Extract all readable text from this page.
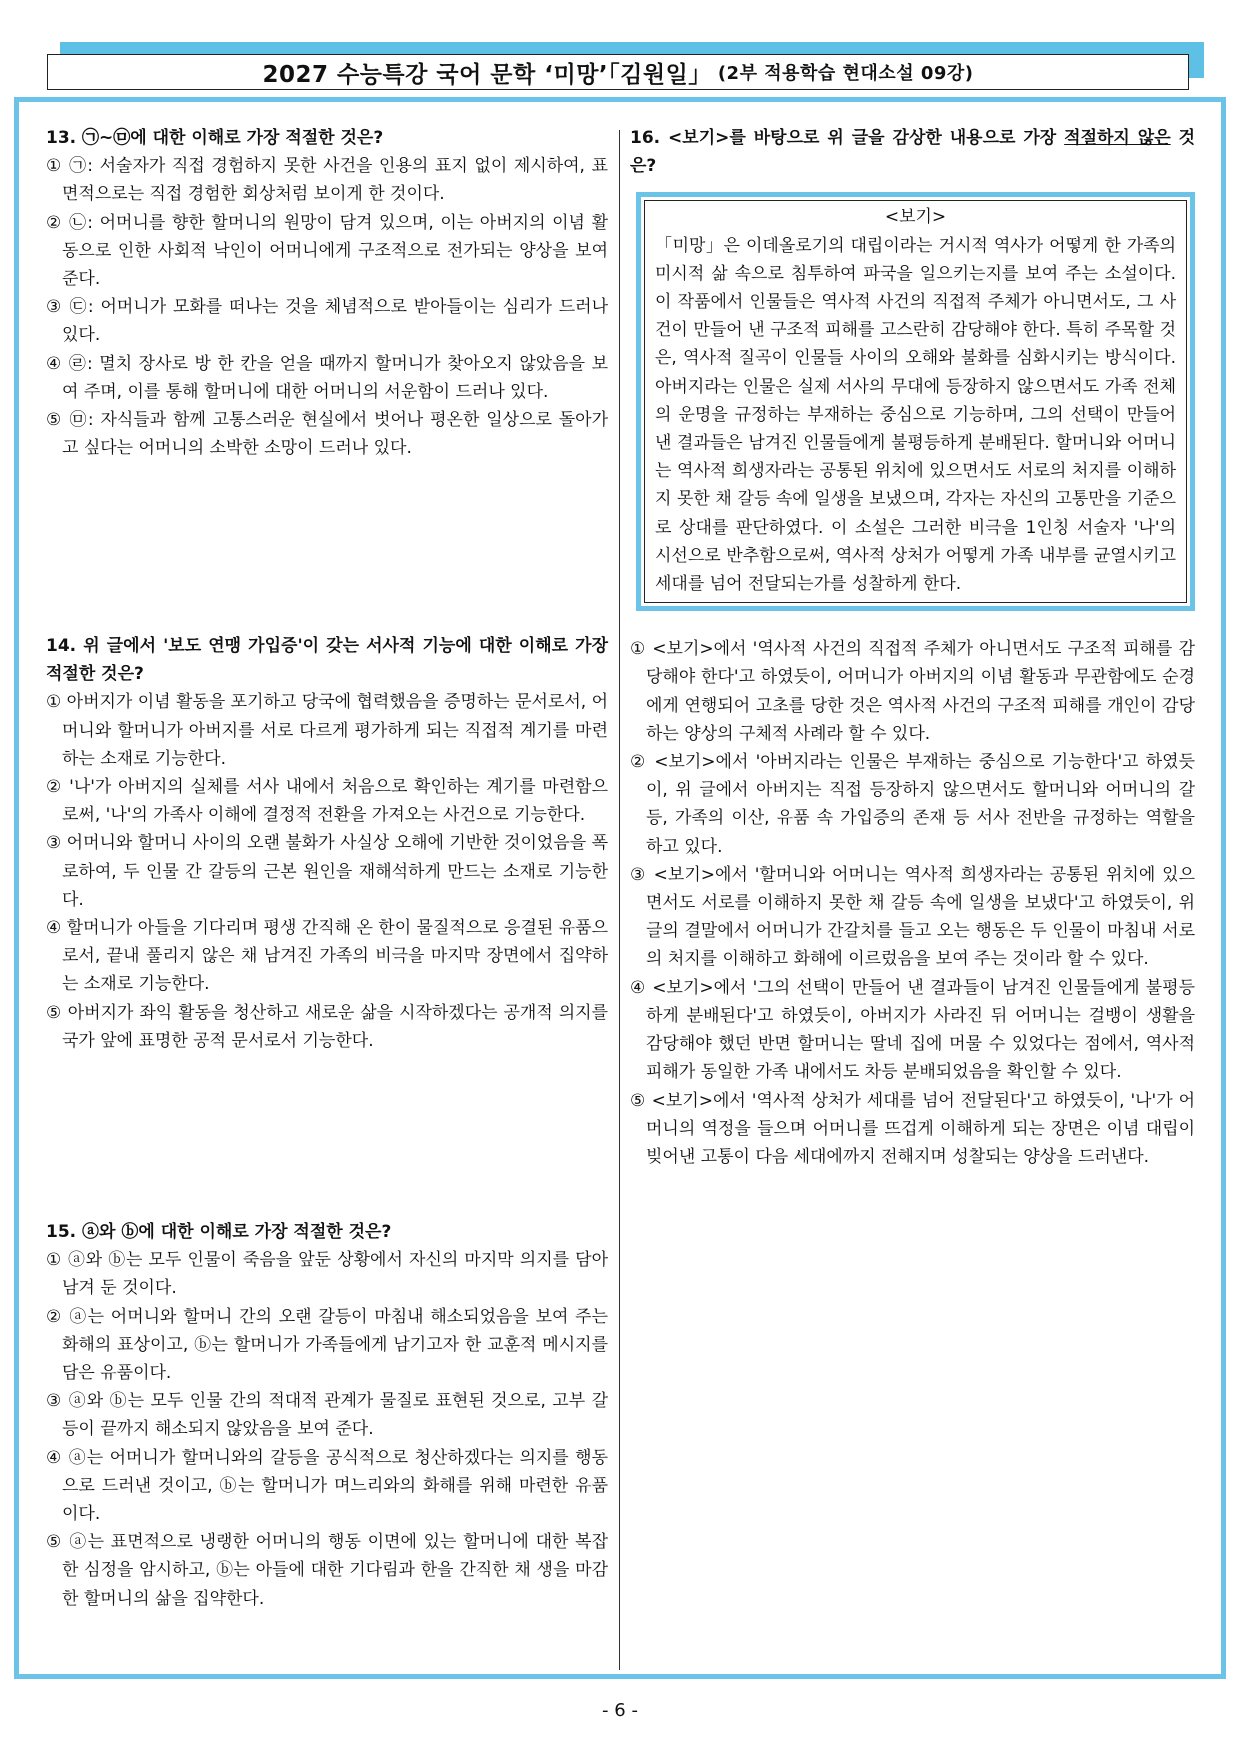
2027 수능특강 국어 문학 ‘미망’「김원일」 (2부 적용학습 현대소설 09강)
13. ㉠~㉤에 대한 이해로 가장 적절한 것은?
① ㉠: 서술자가 직접 경험하지 못한 사건을 인용의 표지 없이 제시하여, 표면적으로는 직접 경험한 회상처럼 보이게 한 것이다.
② ㉡: 어머니를 향한 할머니의 원망이 담겨 있으며, 이는 아버지의 이념 활동으로 인한 사회적 낙인이 어머니에게 구조적으로 전가되는 양상을 보여 준다.
③ ㉢: 어머니가 모화를 떠나는 것을 체념적으로 받아들이는 심리가 드러나 있다.
④ ㉣: 멸치 장사로 방 한 칸을 얻을 때까지 할머니가 찾아오지 않았음을 보여 주며, 이를 통해 할머니에 대한 어머니의 서운함이 드러나 있다.
⑤ ㉤: 자식들과 함께 고통스러운 현실에서 벗어나 평온한 일상으로 돌아가고 싶다는 어머니의 소박한 소망이 드러나 있다.
14. 위 글에서 '보도 연맹 가입증'이 갖는 서사적 기능에 대한 이해로 가장 적절한 것은?
① 아버지가 이념 활동을 포기하고 당국에 협력했음을 증명하는 문서로서, 어머니와 할머니가 아버지를 서로 다르게 평가하게 되는 직접적 계기를 마련하는 소재로 기능한다.
② '나'가 아버지의 실체를 서사 내에서 처음으로 확인하는 계기를 마련함으로써, '나'의 가족사 이해에 결정적 전환을 가져오는 사건으로 기능한다.
③ 어머니와 할머니 사이의 오랜 불화가 사실상 오해에 기반한 것이었음을 폭로하여, 두 인물 간 갈등의 근본 원인을 재해석하게 만드는 소재로 기능한다.
④ 할머니가 아들을 기다리며 평생 간직해 온 한이 물질적으로 응결된 유품으로서, 끝내 풀리지 않은 채 남겨진 가족의 비극을 마지막 장면에서 집약하는 소재로 기능한다.
⑤ 아버지가 좌익 활동을 청산하고 새로운 삶을 시작하겠다는 공개적 의지를 국가 앞에 표명한 공적 문서로서 기능한다.
15. ⓐ와 ⓑ에 대한 이해로 가장 적절한 것은?
① ⓐ와 ⓑ는 모두 인물이 죽음을 앞둔 상황에서 자신의 마지막 의지를 담아 남겨 둔 것이다.
② ⓐ는 어머니와 할머니 간의 오랜 갈등이 마침내 해소되었음을 보여 주는 화해의 표상이고, ⓑ는 할머니가 가족들에게 남기고자 한 교훈적 메시지를 담은 유품이다.
③ ⓐ와 ⓑ는 모두 인물 간의 적대적 관계가 물질로 표현된 것으로, 고부 갈등이 끝까지 해소되지 않았음을 보여 준다.
④ ⓐ는 어머니가 할머니와의 갈등을 공식적으로 청산하겠다는 의지를 행동으로 드러낸 것이고, ⓑ는 할머니가 며느리와의 화해를 위해 마련한 유품이다.
⑤ ⓐ는 표면적으로 냉랭한 어머니의 행동 이면에 있는 할머니에 대한 복잡한 심정을 암시하고, ⓑ는 아들에 대한 기다림과 한을 간직한 채 생을 마감한 할머니의 삶을 집약한다.
16. <보기>를 바탕으로 위 글을 감상한 내용으로 가장 적절하지 않은 것은?
<보기>
「미망」은 이데올로기의 대립이라는 거시적 역사가 어떻게 한 가족의 미시적 삶 속으로 침투하여 파국을 일으키는지를 보여 주는 소설이다. 이 작품에서 인물들은 역사적 사건의 직접적 주체가 아니면서도, 그 사건이 만들어 낸 구조적 피해를 고스란히 감당해야 한다. 특히 주목할 것은, 역사적 질곡이 인물들 사이의 오해와 불화를 심화시키는 방식이다. 아버지라는 인물은 실제 서사의 무대에 등장하지 않으면서도 가족 전체의 운명을 규정하는 부재하는 중심으로 기능하며, 그의 선택이 만들어 낸 결과들은 남겨진 인물들에게 불평등하게 분배된다. 할머니와 어머니는 역사적 희생자라는 공통된 위치에 있으면서도 서로의 처지를 이해하지 못한 채 갈등 속에 일생을 보냈으며, 각자는 자신의 고통만을 기준으로 상대를 판단하였다. 이 소설은 그러한 비극을 1인칭 서술자 '나'의 시선으로 반추함으로써, 역사적 상처가 어떻게 가족 내부를 균열시키고 세대를 넘어 전달되는가를 성찰하게 한다.
① <보기>에서 '역사적 사건의 직접적 주체가 아니면서도 구조적 피해를 감당해야 한다'고 하였듯이, 어머니가 아버지의 이념 활동과 무관함에도 순경에게 연행되어 고초를 당한 것은 역사적 사건의 구조적 피해를 개인이 감당하는 양상의 구체적 사례라 할 수 있다.
② <보기>에서 '아버지라는 인물은 부재하는 중심으로 기능한다'고 하였듯이, 위 글에서 아버지는 직접 등장하지 않으면서도 할머니와 어머니의 갈등, 가족의 이산, 유품 속 가입증의 존재 등 서사 전반을 규정하는 역할을 하고 있다.
③ <보기>에서 '할머니와 어머니는 역사적 희생자라는 공통된 위치에 있으면서도 서로를 이해하지 못한 채 갈등 속에 일생을 보냈다'고 하였듯이, 위 글의 결말에서 어머니가 간갈치를 들고 오는 행동은 두 인물이 마침내 서로의 처지를 이해하고 화해에 이르렀음을 보여 주는 것이라 할 수 있다.
④ <보기>에서 '그의 선택이 만들어 낸 결과들이 남겨진 인물들에게 불평등하게 분배된다'고 하였듯이, 아버지가 사라진 뒤 어머니는 걸뱅이 생활을 감당해야 했던 반면 할머니는 딸네 집에 머물 수 있었다는 점에서, 역사적 피해가 동일한 가족 내에서도 차등 분배되었음을 확인할 수 있다.
⑤ <보기>에서 '역사적 상처가 세대를 넘어 전달된다'고 하였듯이, '나'가 어머니의 역정을 들으며 어머니를 뜨겁게 이해하게 되는 장면은 이념 대립이 빚어낸 고통이 다음 세대에까지 전해지며 성찰되는 양상을 드러낸다.
- 6 -
